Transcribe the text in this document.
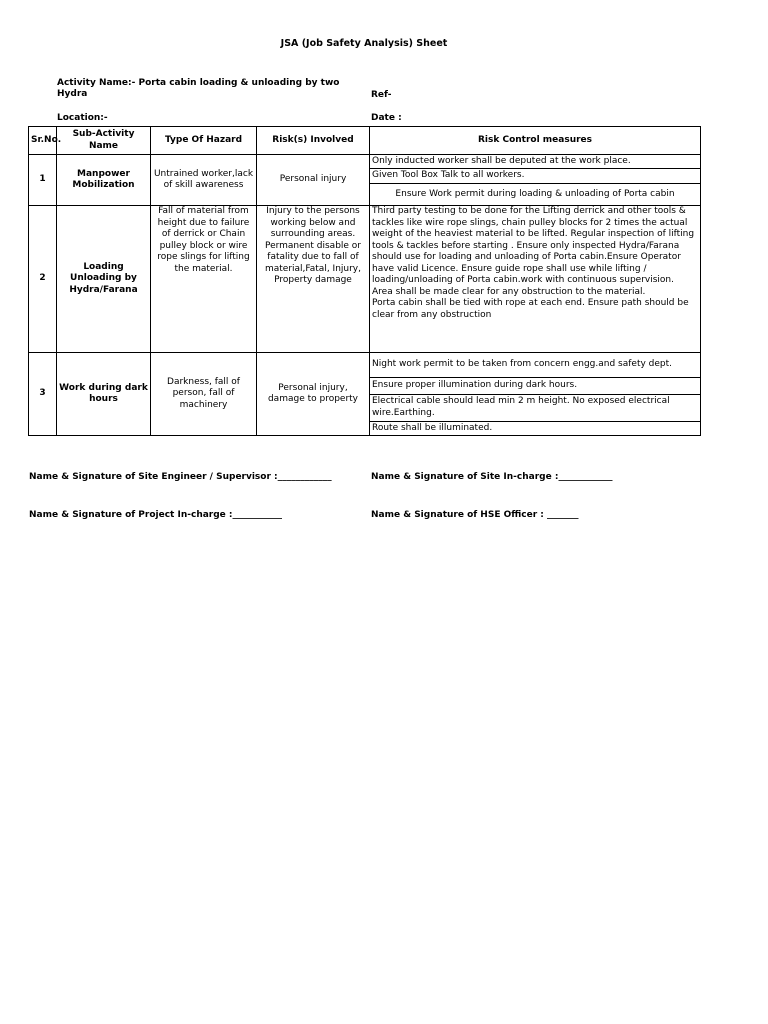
JSA (Job Safety Analysis) Sheet
Activity Name:- Porta cabin loading & unloading by two
Hydra	Ref-
Location:-	Date :
Sr.No.	Sub-Activity Name	Type Of Hazard	Risk(s) Involved	Risk Control measures
1	Manpower Mobilization	Untrained worker,lack of skill awareness	Personal injury	Only inducted worker shall be deputed at the work place.
Given Tool Box Talk to all workers.
Ensure Work permit during loading & unloading of Porta cabin

2	Loading Unloading by Hydra/Farana	Fall of material from height due to failure of derrick or Chain pulley block or wire rope slings for lifting the material.	Injury to the persons working below and surrounding areas. Permanent disable or fatality due to fall of material,Fatal, Injury, Property damage	Third party testing to be done for the Lifting derrick and other tools & tackles like wire rope slings, chain pulley blocks for 2 times the actual weight of the heaviest material to be lifted. Regular inspection of lifting tools & tackles before starting . Ensure only inspected Hydra/Farana should use for loading and unloading of Porta cabin.Ensure Operator have valid Licence. Ensure guide rope shall use while lifting / loading/unloading of Porta cabin.work with continuous supervision.
Area shall be made clear for any obstruction to the material.
Porta cabin shall be tied with rope at each end. Ensure path should be clear from any obstruction

3	Work during dark hours	Darkness, fall of person, fall of machinery	Personal injury, damage to property	Night work permit to be taken from concern engg.and safety dept.
Ensure proper illumination during dark hours.
Electrical cable should lead min 2 m height. No exposed electrical wire.Earthing.
Route shall be illuminated.
Name & Signature of Site Engineer / Supervisor :____________	Name & Signature of Site In-charge :____________
Name & Signature of Project In-charge :___________	Name & Signature of HSE Officer : _______
